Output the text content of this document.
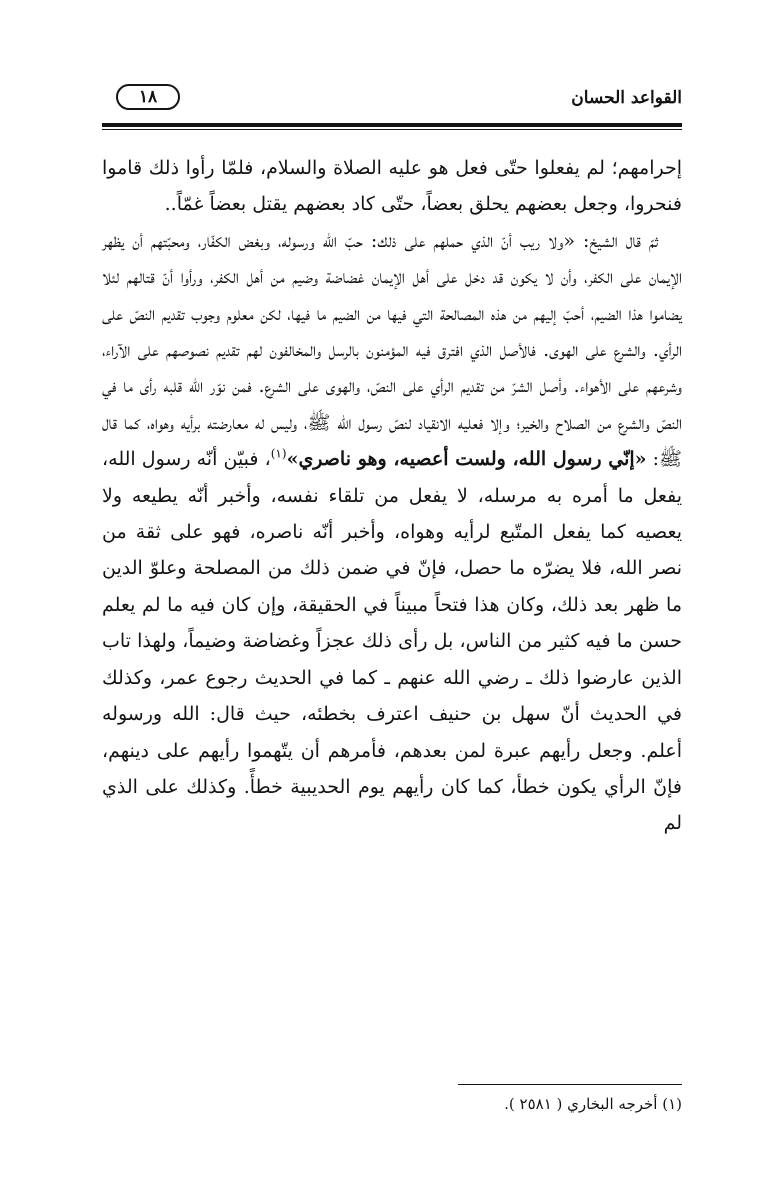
القواعد الحسان
١٨

إحرامهم؛ لم يفعلوا حتّى فعل هو عليه الصلاة والسلام، فلمّا رأوا ذلك قاموا فنحروا، وجعل بعضهم يحلق بعضاً، حتّى كاد بعضهم يقتل بعضاً غمّاً..

ثمّ قال الشيخ: «ولا ريب أنّ الذي حملهم على ذلك: حبّ الله ورسوله، وبغض الكفّار، ومحبّتهم أن يظهر الإيمان على الكفر، وأن لا يكون قد دخل على أهل الإيمان غضاضة وضيم من أهل الكفر، ورأوا أنّ قتالهم لئلا يضاموا هذا الضيم، أحبّ إليهم من هذه المصالحة التي فيها من الضيم ما فيها، لكن معلوم وجوب تقديم النصّ على الرأي. والشرع على الهوى. فالأصل الذي افترق فيه المؤمنون بالرسل والمخالفون لهم تقديم نصوصهم على الآراء، وشرعهم على الأهواء. وأصل الشرّ من تقديم الرأي على النصّ، والهوى على الشرع. فمن نوّر الله قلبه رأى ما في النصّ والشرع من الصلاح والخير؛ وإلا فعليه الانقياد لنصّ رسول الله ﷺ، وليس له معارضته برأيه وهواه، كما قال ﷺ: «إنّي رسول الله، ولست أعصيه، وهو ناصري»$^{(١)}$، فبيّن أنّه رسول الله، يفعل ما أمره به مرسله، لا يفعل من تلقاء نفسه، وأخبر أنّه يطيعه ولا يعصيه كما يفعل المتّبع لرأيه وهواه، وأخبر أنّه ناصره، فهو على ثقة من نصر الله، فلا يضرّه ما حصل، فإنّ في ضمن ذلك من المصلحة وعلوّ الدين ما ظهر بعد ذلك، وكان هذا فتحاً مبيناً في الحقيقة، وإن كان فيه ما لم يعلم حسن ما فيه كثير من الناس، بل رأى ذلك عجزاً وغضاضة وضيماً، ولهذا تاب الذين عارضوا ذلك ـ رضي الله عنهم ـ كما في الحديث رجوع عمر، وكذلك في الحديث أنّ سهل بن حنيف اعترف بخطئه، حيث قال: الله ورسوله أعلم. وجعل رأيهم عبرة لمن بعدهم، فأمرهم أن يتّهموا رأيهم على دينهم، فإنّ الرأي يكون خطأ، كما كان رأيهم يوم الحديبية خطأً. وكذلك على الذي لم

(١) أخرجه البخاري ( ٢٥٨١ ).
